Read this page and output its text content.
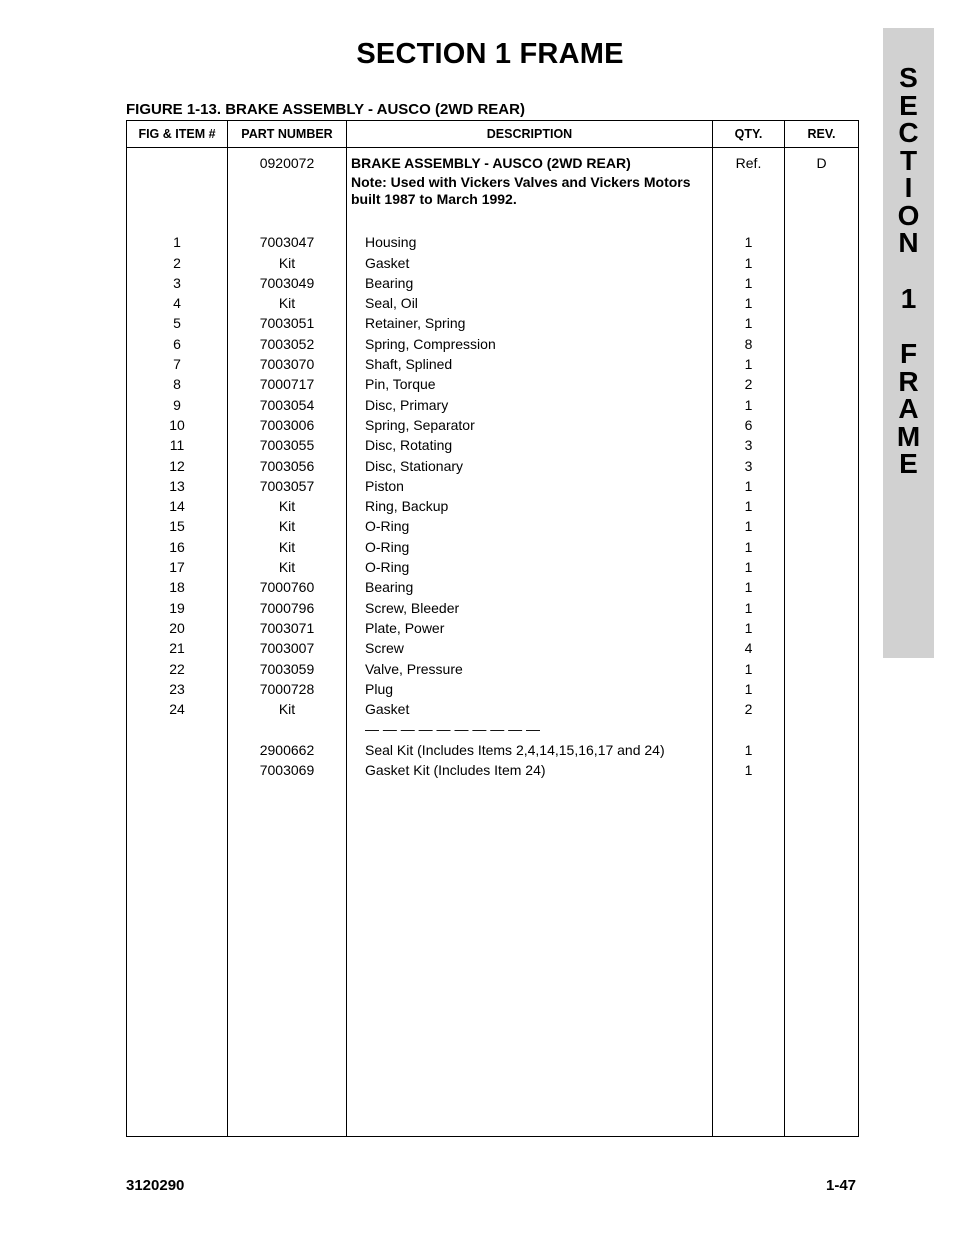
SECTION 1 FRAME
S
E
C
T
I
O
N
1
F
R
A
M
E
FIGURE 1-13. BRAKE ASSEMBLY - AUSCO (2WD REAR)
FIG & ITEM #	PART NUMBER	DESCRIPTION	QTY.	REV.
	0920072	BRAKE ASSEMBLY - AUSCO (2WD REAR)	Ref.	D
		Note: Used with Vickers Valves and Vickers Motors built 1987 to March 1992.		
1	7003047	Housing	1	
2	Kit	Gasket	1	
3	7003049	Bearing	1	
4	Kit	Seal, Oil	1	
5	7003051	Retainer, Spring	1	
6	7003052	Spring, Compression	8	
7	7003070	Shaft, Splined	1	
8	7000717	Pin, Torque	2	
9	7003054	Disc, Primary	1	
10	7003006	Spring, Separator	6	
11	7003055	Disc, Rotating	3	
12	7003056	Disc, Stationary	3	
13	7003057	Piston	1	
14	Kit	Ring, Backup	1	
15	Kit	O-Ring	1	
16	Kit	O-Ring	1	
17	Kit	O-Ring	1	
18	7000760	Bearing	1	
19	7000796	Screw, Bleeder	1	
20	7003071	Plate, Power	1	
21	7003007	Screw	4	
22	7003059	Valve, Pressure	1	
23	7000728	Plug	1	
24	Kit	Gasket	2	
		— — — — — — — — — —		
	2900662	Seal Kit (Includes Items 2,4,14,15,16,17 and 24)	1	
	7003069	Gasket Kit (Includes Item 24)	1	

3120290	1-47
